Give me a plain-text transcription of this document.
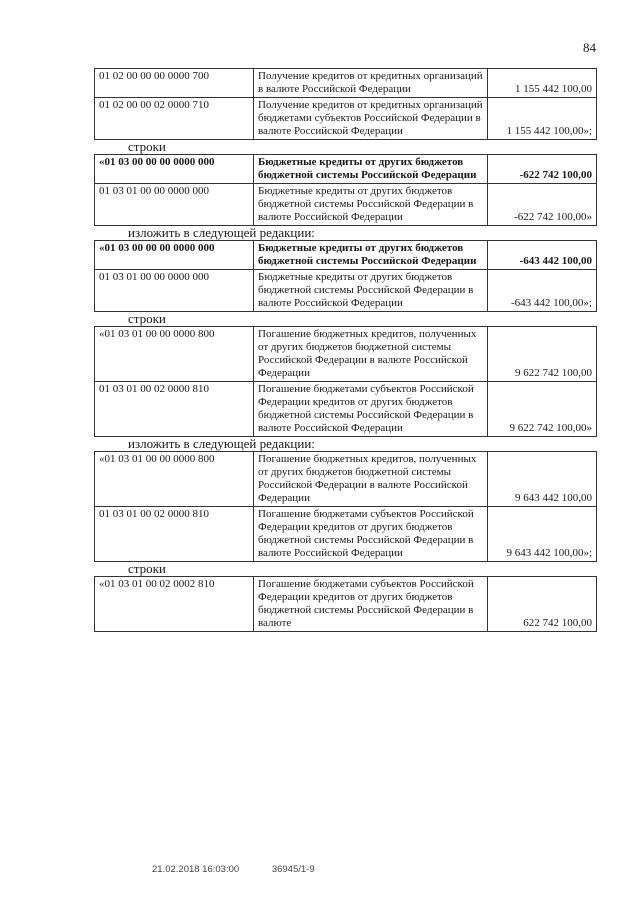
84
01 02 00 00 00 0000 700	Получение кредитов от кредитных организаций в валюте Российской Федерации	1 155 442 100,00
01 02 00 00 02 0000 710	Получение кредитов от кредитных организаций бюджетами субъектов Российской Федерации в валюте Российской Федерации	1 155 442 100,00»;
строки
«01 03 00 00 00 0000 000	Бюджетные кредиты от других бюджетов бюджетной системы Российской Федерации	-622 742 100,00
01 03 01 00 00 0000 000	Бюджетные кредиты от других бюджетов бюджетной системы Российской Федерации в валюте Российской Федерации	-622 742 100,00»
изложить в следующей редакции:
«01 03 00 00 00 0000 000	Бюджетные кредиты от других бюджетов бюджетной системы Российской Федерации	-643 442 100,00
01 03 01 00 00 0000 000	Бюджетные кредиты от других бюджетов бюджетной системы Российской Федерации в валюте Российской Федерации	-643 442 100,00»;
строки
«01 03 01 00 00 0000 800	Погашение бюджетных кредитов, полученных от других бюджетов бюджетной системы Российской Федерации в валюте Российской Федерации	9 622 742 100,00
01 03 01 00 02 0000 810	Погашение бюджетами субъектов Российской Федерации кредитов от других бюджетов бюджетной системы Российской Федерации в валюте Российской Федерации	9 622 742 100,00»
изложить в следующей редакции:
«01 03 01 00 00 0000 800	Погашение бюджетных кредитов, полученных от других бюджетов бюджетной системы Российской Федерации в валюте Российской Федерации	9 643 442 100,00
01 03 01 00 02 0000 810	Погашение бюджетами субъектов Российской Федерации кредитов от других бюджетов бюджетной системы Российской Федерации в валюте Российской Федерации	9 643 442 100,00»;
строки
«01 03 01 00 02 0002 810	Погашение бюджетами субъектов Российской Федерации кредитов от других бюджетов бюджетной системы Российской Федерации в валюте	622 742 100,00
21.02.2018 16:03:00	36945/1-9
